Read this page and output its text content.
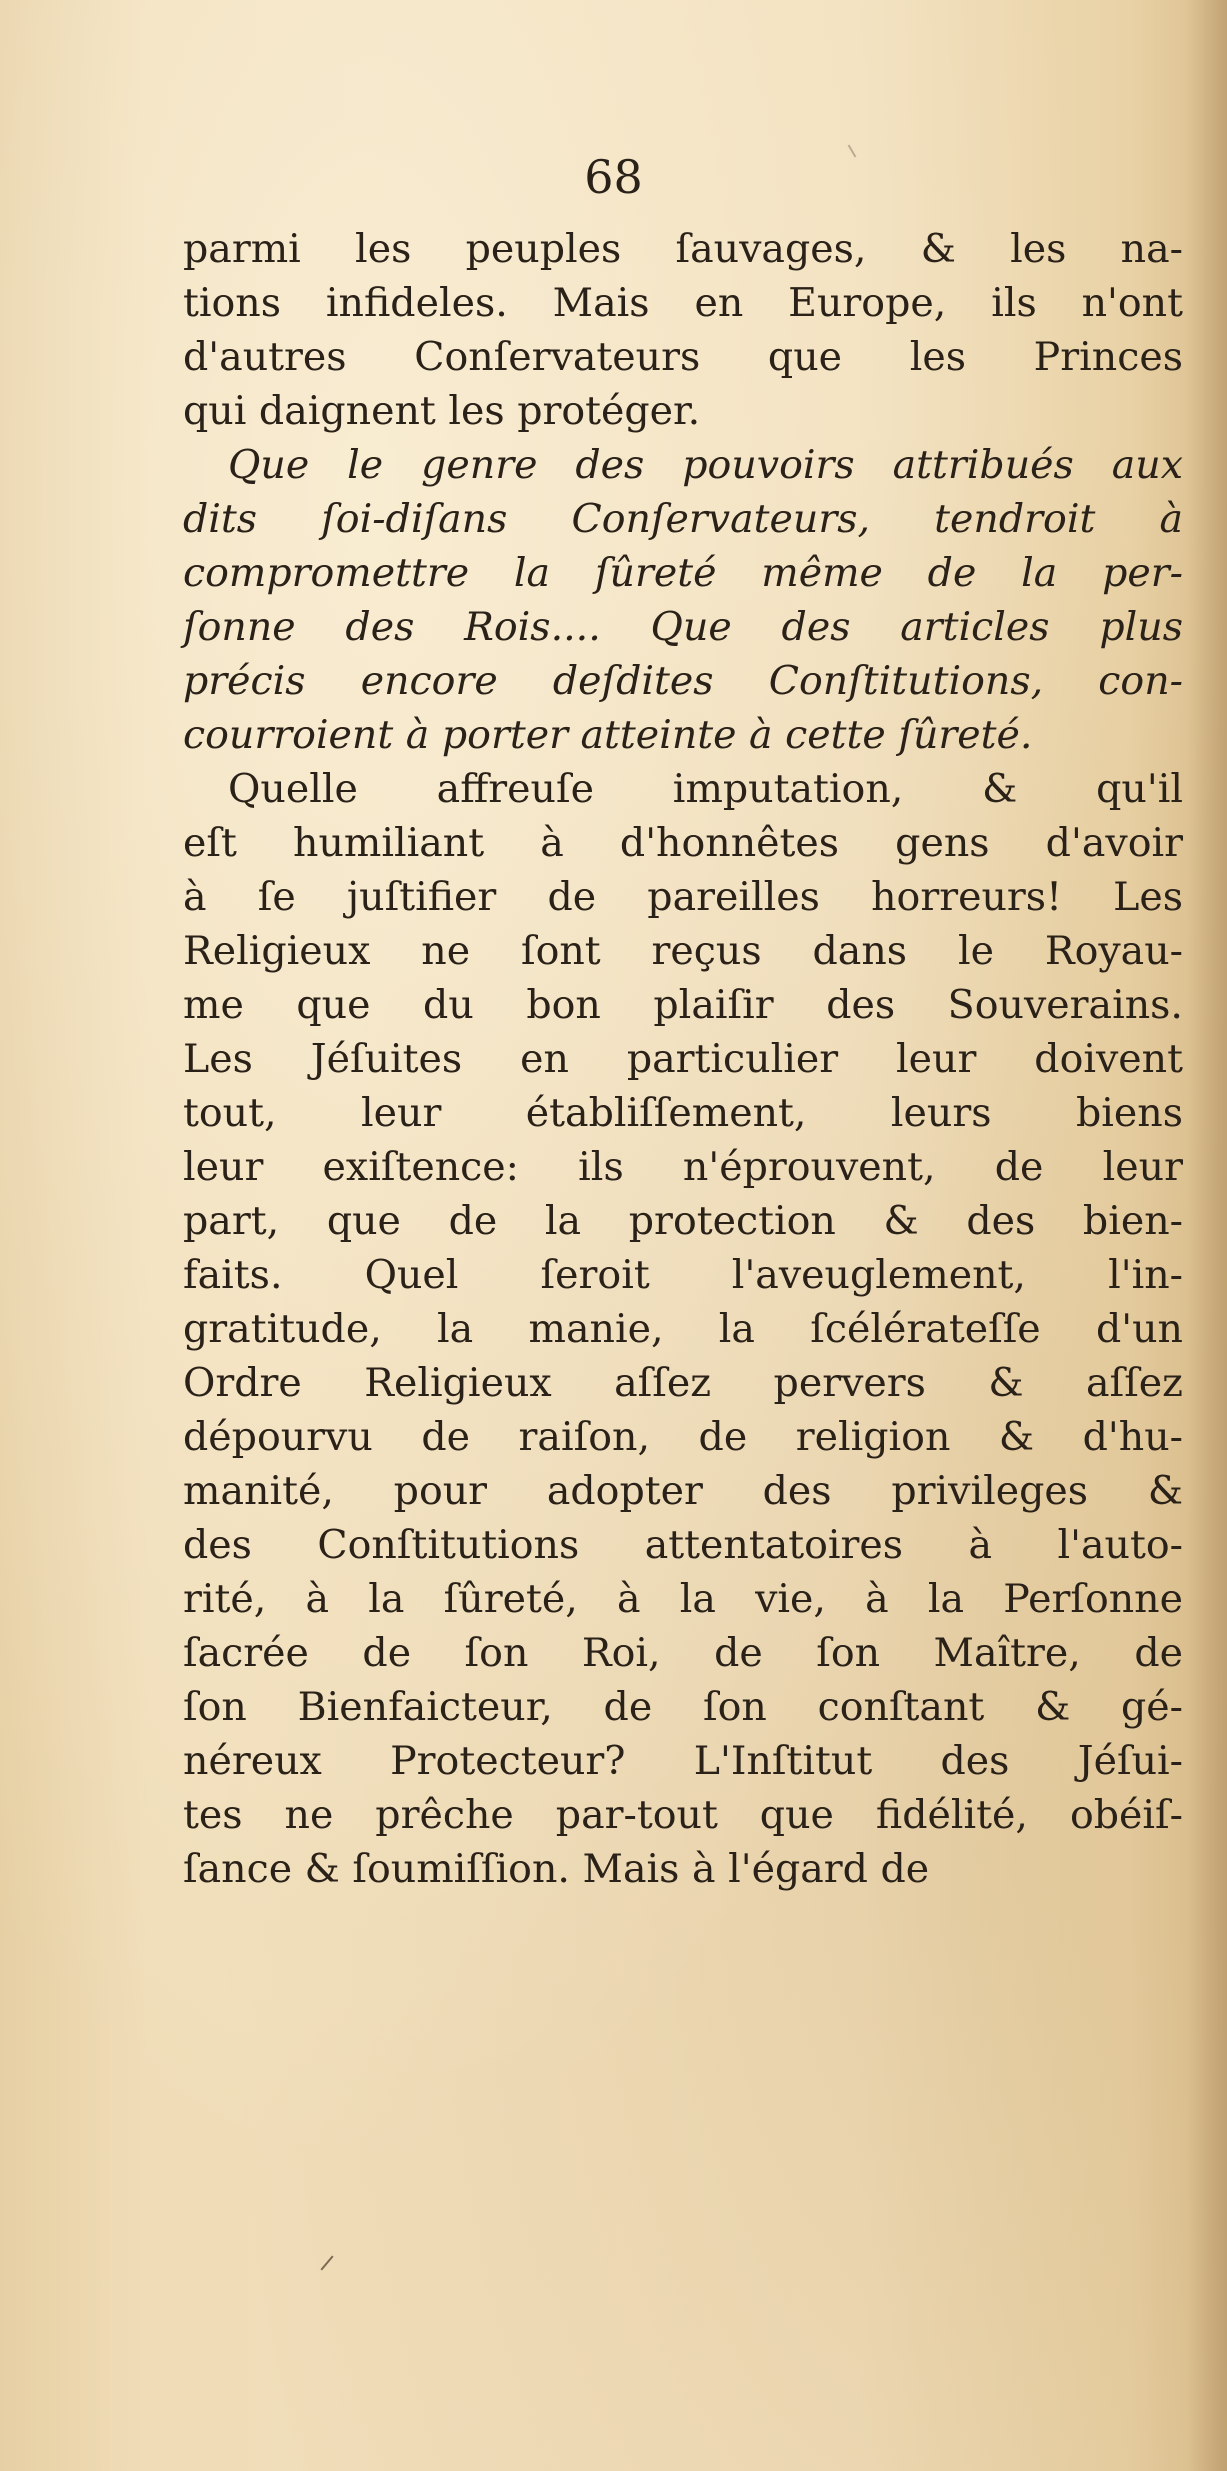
68
parmi les peuples ſauvages, & les na-
tions infideles. Mais en Europe, ils n'ont
d'autres Conſervateurs que les Princes
qui daignent les protéger.
Que le genre des pouvoirs attribués aux
dits ſoi-diſans Conſervateurs, tendroit à
compromettre la ſûreté même de la per-
ſonne des Rois.... Que des articles plus
précis encore deſdites Conſtitutions, con-
courroient à porter atteinte à cette ſûreté.
Quelle affreuſe imputation, & qu'il
eſt humiliant à d'honnêtes gens d'avoir
à ſe juſtifier de pareilles horreurs! Les
Religieux ne ſont reçus dans le Royau-
me que du bon plaiſir des Souverains.
Les Jéſuites en particulier leur doivent
tout, leur établiſſement, leurs biens
leur exiſtence: ils n'éprouvent, de leur
part, que de la protection & des bien-
faits. Quel ſeroit l'aveuglement, l'in-
gratitude, la manie, la ſcélérateſſe d'un
Ordre Religieux aſſez pervers & aſſez
dépourvu de raiſon, de religion & d'hu-
manité, pour adopter des privileges &
des Conſtitutions attentatoires à l'auto-
rité, à la ſûreté, à la vie, à la Perſonne
ſacrée de ſon Roi, de ſon Maître, de
ſon Bienfaicteur, de ſon conſtant & gé-
néreux Protecteur? L'Inſtitut des Jéſui-
tes ne prêche par-tout que fidélité, obéiſ-
ſance & ſoumiſſion. Mais à l'égard de
